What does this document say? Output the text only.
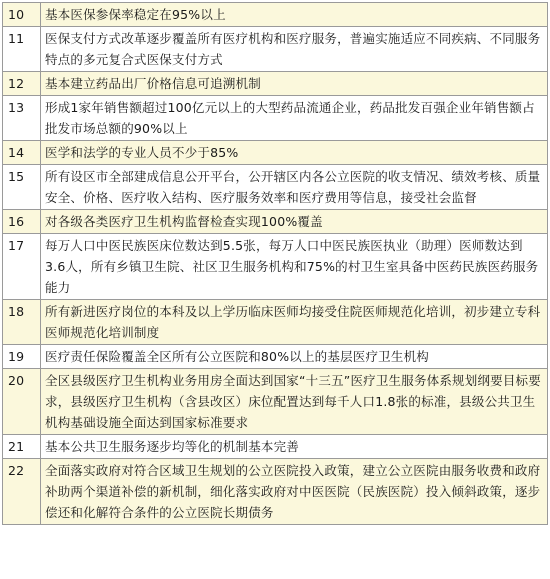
10	基本医保参保率稳定在95%以上
11	医保支付方式改革逐步覆盖所有医疗机构和医疗服务，普遍实施适应不同疾病、不同服务特点的多元复合式医保支付方式
12	基本建立药品出厂价格信息可追溯机制
13	形成1家年销售额超过100亿元以上的大型药品流通企业，药品批发百强企业年销售额占批发市场总额的90%以上
14	医学和法学的专业人员不少于85%
15	所有设区市全部建成信息公开平台，公开辖区内各公立医院的收支情况、绩效考核、质量安全、价格、医疗收入结构、医疗服务效率和医疗费用等信息，接受社会监督
16	对各级各类医疗卫生机构监督检查实现100%覆盖
17	每万人口中医民族医床位数达到5.5张，每万人口中医民族医执业（助理）医师数达到3.6人，所有乡镇卫生院、社区卫生服务机构和75%的村卫生室具备中医药民族医药服务能力
18	所有新进医疗岗位的本科及以上学历临床医师均接受住院医师规范化培训，初步建立专科医师规范化培训制度
19	医疗责任保险覆盖全区所有公立医院和80%以上的基层医疗卫生机构
20	全区县级医疗卫生机构业务用房全面达到国家“十三五”医疗卫生服务体系规划纲要目标要求，县级医疗卫生机构（含县改区）床位配置达到每千人口1.8张的标准，县级公共卫生机构基础设施全面达到国家标准要求
21	基本公共卫生服务逐步均等化的机制基本完善
22	全面落实政府对符合区域卫生规划的公立医院投入政策，建立公立医院由服务收费和政府补助两个渠道补偿的新机制，细化落实政府对中医医院（民族医院）投入倾斜政策，逐步偿还和化解符合条件的公立医院长期债务
